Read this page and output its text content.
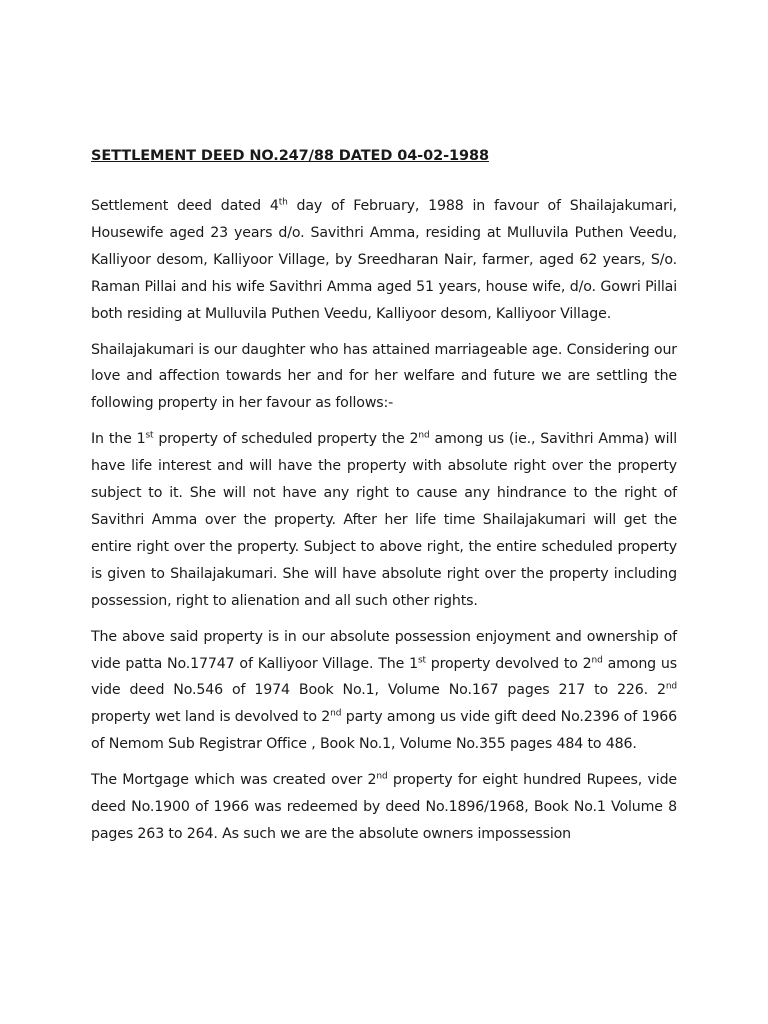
SETTLEMENT DEED NO.247/88 DATED 04-02-1988
Settlement deed dated 4th day of February, 1988 in favour of Shailajakumari, Housewife aged 23 years d/o. Savithri Amma, residing at Mulluvila Puthen Veedu, Kalliyoor desom, Kalliyoor Village, by Sreedharan Nair, farmer, aged 62 years, S/o. Raman Pillai and his wife Savithri Amma aged 51 years, house wife, d/o. Gowri Pillai both residing at Mulluvila Puthen Veedu, Kalliyoor desom, Kalliyoor Village.
Shailajakumari is our daughter who has attained marriageable age. Considering our love and affection towards her and for her welfare and future we are settling the following property in her favour as follows:-
In the 1st property of scheduled property the 2nd among us (ie., Savithri Amma) will have life interest and will have the property with absolute right over the property subject to it. She will not have any right to cause any hindrance to the right of Savithri Amma over the property. After her life time Shailajakumari will get the entire right over the property. Subject to above right, the entire scheduled property is given to Shailajakumari. She will have absolute right over the property including possession, right to alienation and all such other rights.
The above said property is in our absolute possession enjoyment and ownership of vide patta No.17747 of Kalliyoor Village. The 1st property devolved to 2nd among us vide deed No.546 of 1974 Book No.1, Volume No.167 pages 217 to 226. 2nd property wet land is devolved to 2nd party among us vide gift deed No.2396 of 1966 of Nemom Sub Registrar Office , Book No.1, Volume No.355 pages 484 to 486.
The Mortgage which was created over 2nd property for eight hundred Rupees, vide deed No.1900 of 1966 was redeemed by deed No.1896/1968, Book No.1 Volume 8 pages 263 to 264. As such we are the absolute owners impossession
